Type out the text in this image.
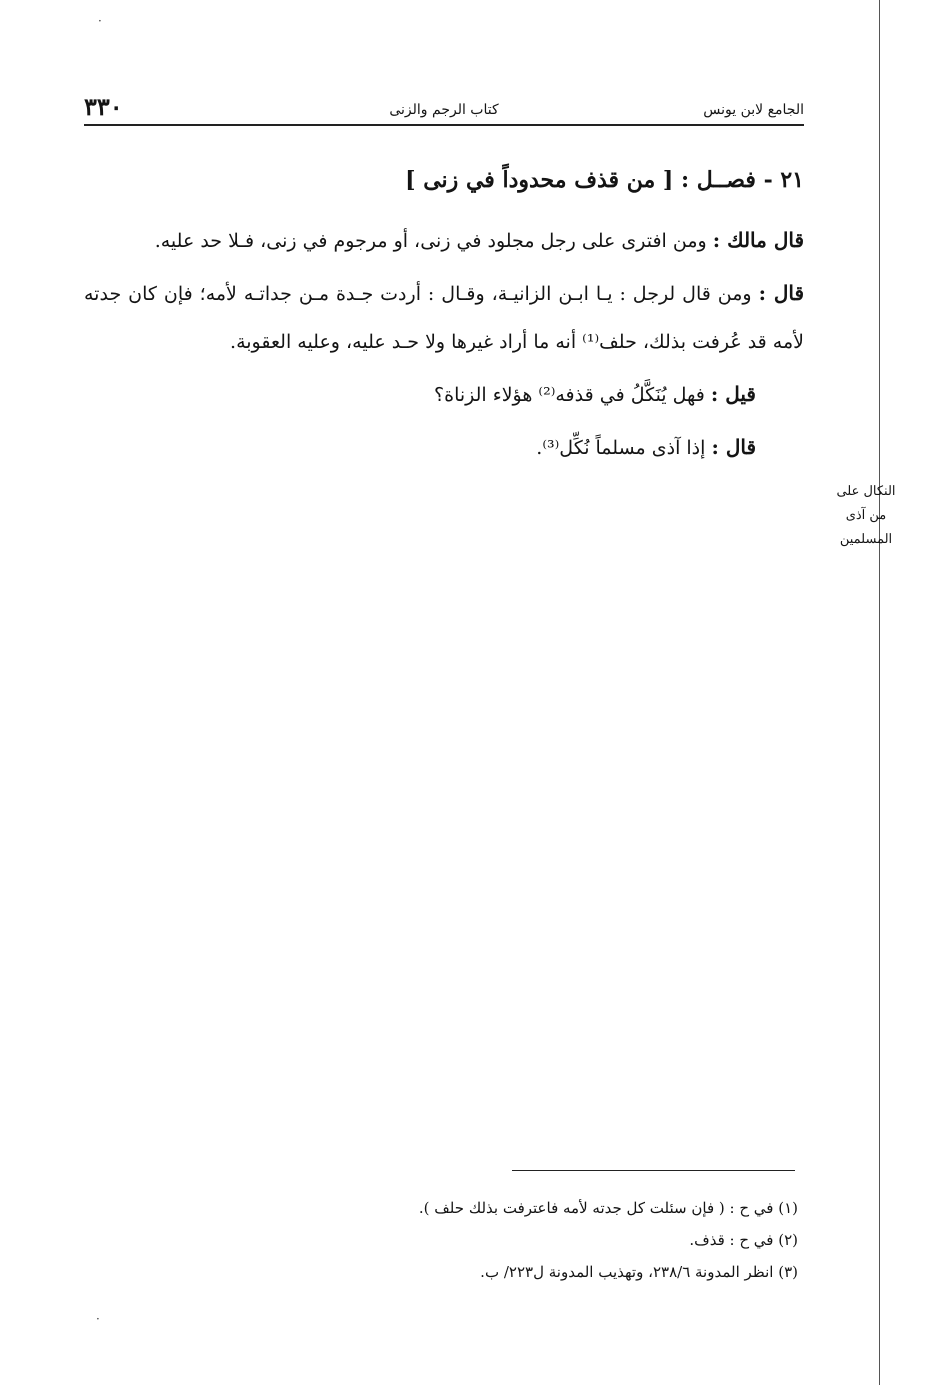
الجامع لابن يونس
كتاب الرجم والزنى
٣٣٠
٢١ - فصــل : [ من قذف محدوداً في زنى ]

قال مالك : ومن افترى على رجل مجلود في زنى، أو مرجوم في زنى، فـلا حد عليه.

قال : ومن قال لرجل : يـا ابـن الزانيـة، وقـال : أردت جـدة مـن جداتـه لأمه؛ فإن كان جدته لأمه قد عُرفت بذلك، حلف⁽¹⁾ أنه ما أراد غيرها ولا حـد عليه، وعليه العقوبة.

قيل : فهل يُنَكَّلُ في قذفه⁽²⁾ هؤلاء الزناة؟

قال : إذا آذى مسلماً نُكِّل⁽³⁾.

النكال على من آذى المسلمين

(١) في ح : ( فإن سئلت كل جدته لأمه فاعترفت بذلك حلف ).

(٢) في ح : قذف.

(٣) انظر المدونة ٢٣٨/٦، وتهذيب المدونة ل٢٢٣/ ب.

·
·
